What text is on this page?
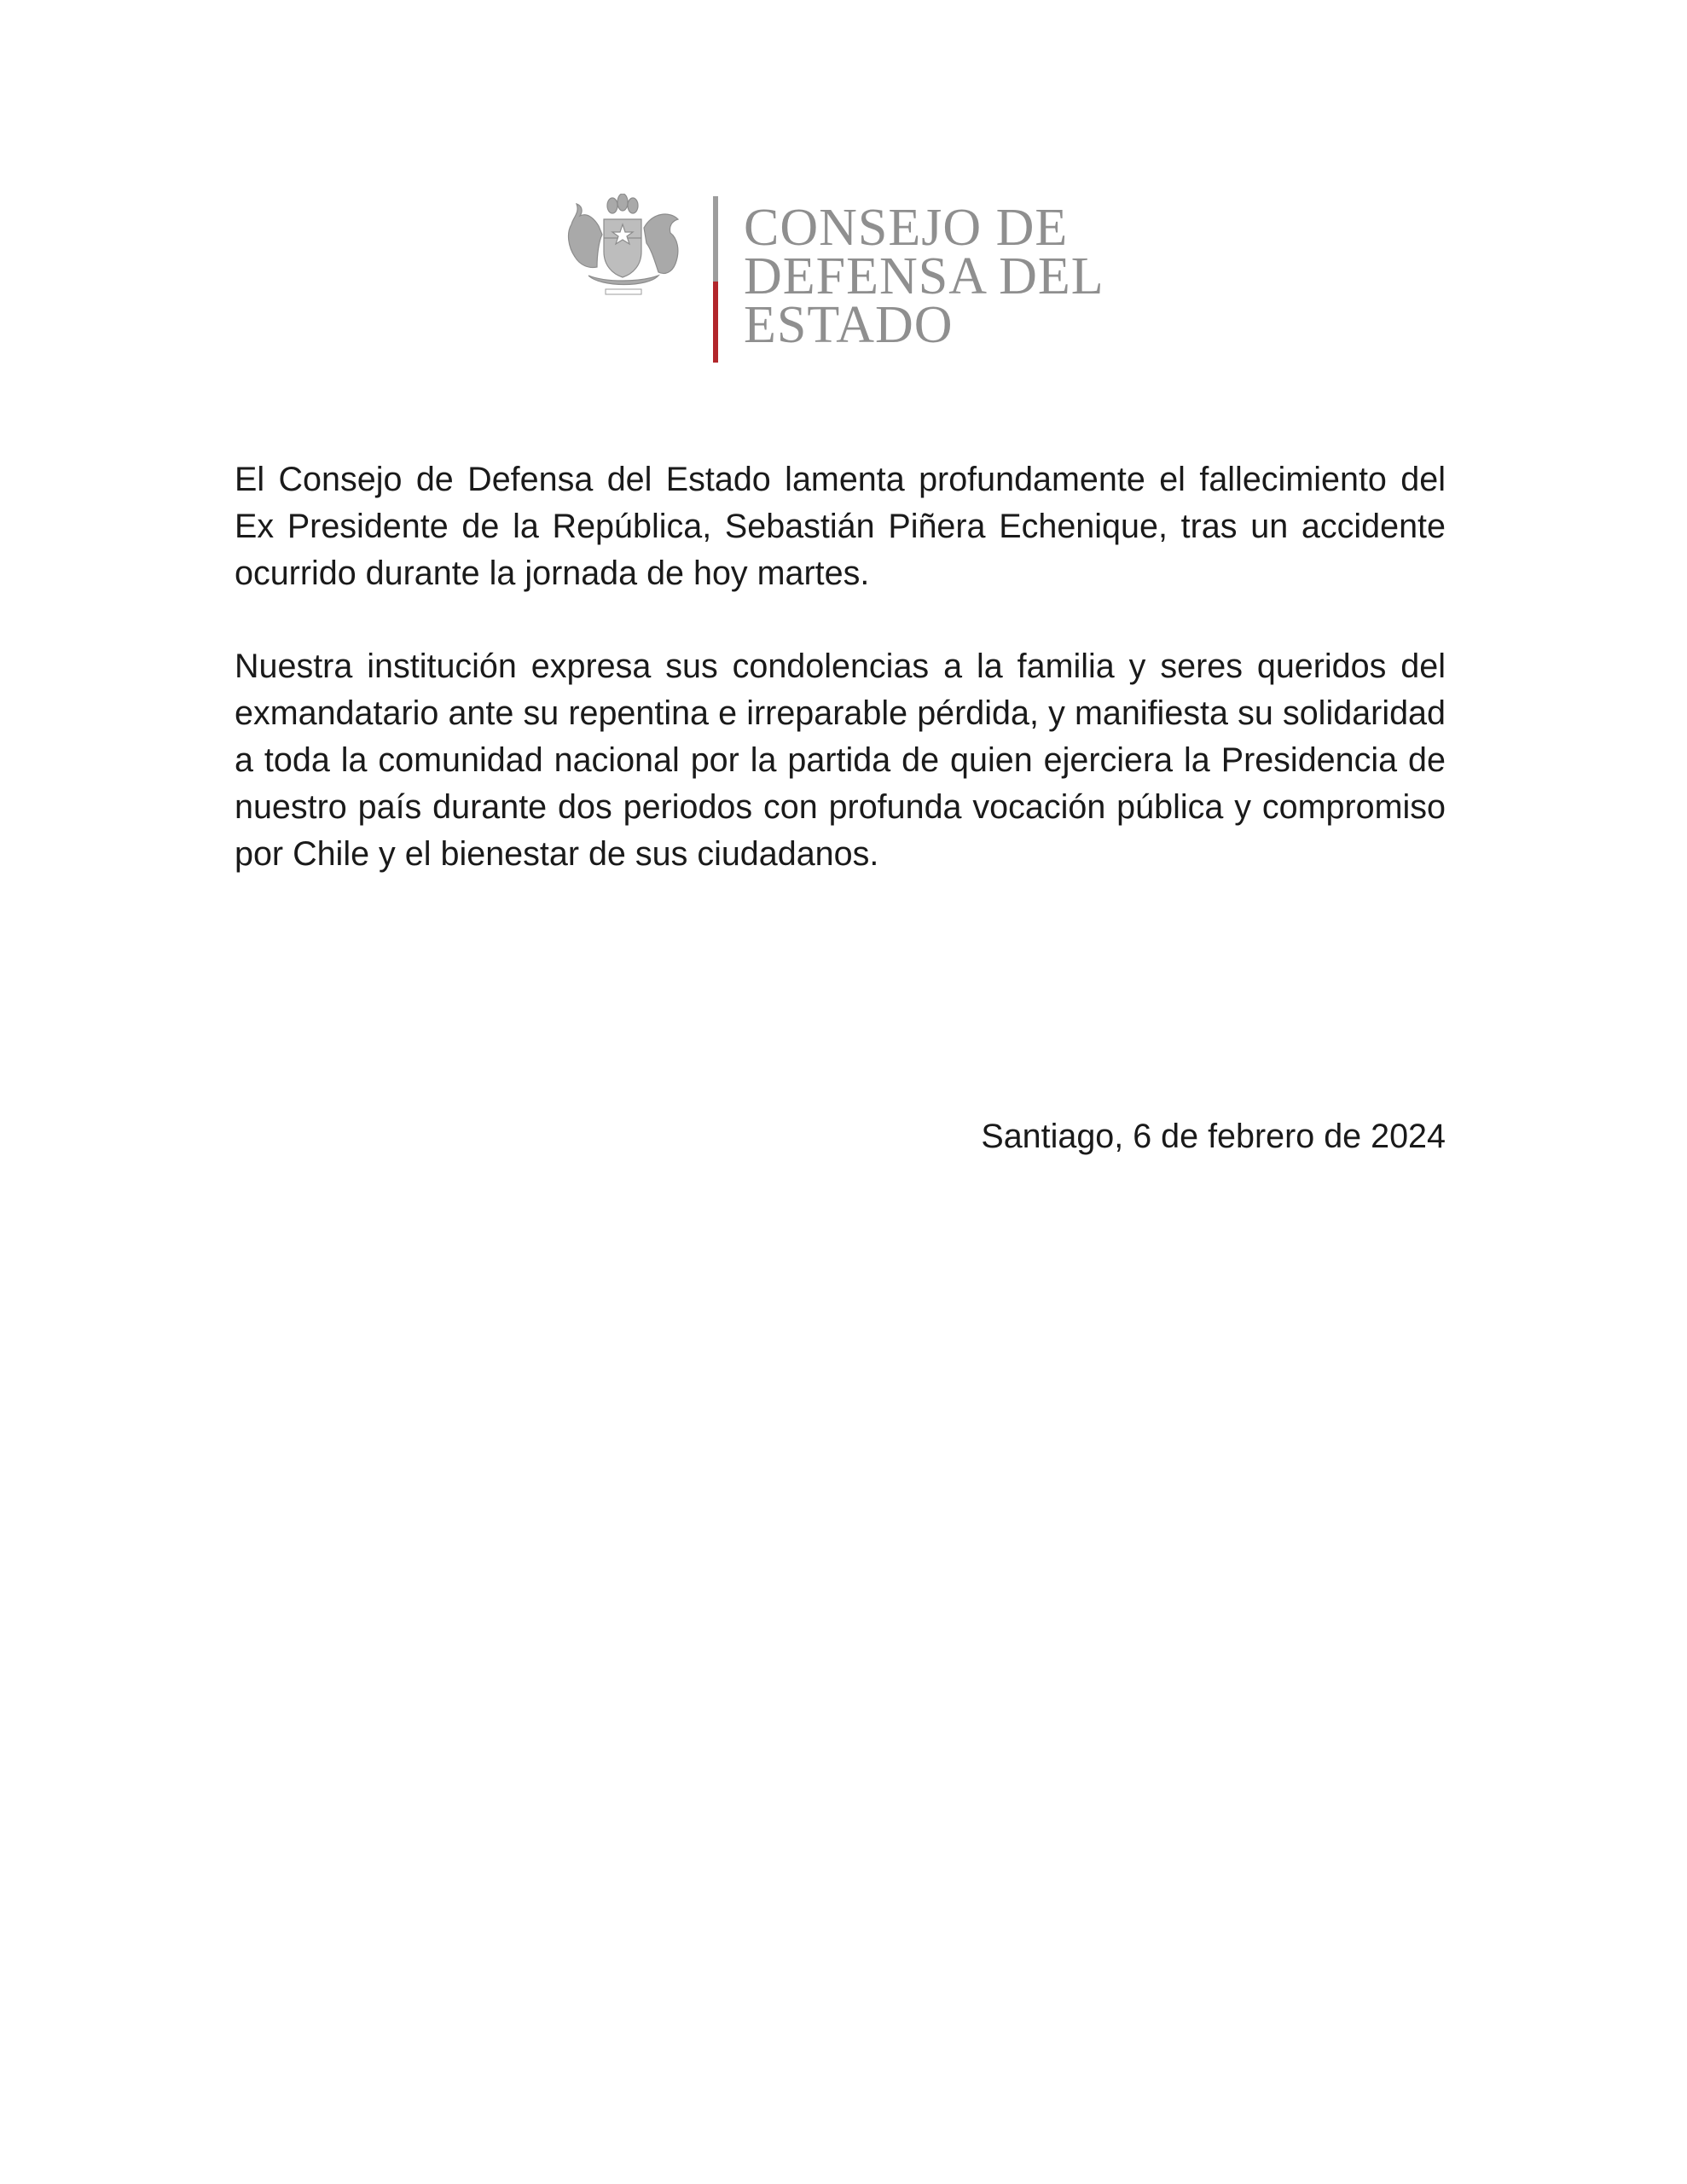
CONSEJO DE
DEFENSA DEL
ESTADO

El Consejo de Defensa del Estado lamenta profundamente el fallecimiento del Ex Presidente de la República, Sebastián Piñera Echenique, tras un accidente ocurrido durante la jornada de hoy martes.

Nuestra institución expresa sus condolencias a la familia y seres queridos del exmandatario ante su repentina e irreparable pérdida, y manifiesta su solidaridad a toda la comunidad nacional por la partida de quien ejerciera la Presidencia de nuestro país durante dos periodos con profunda vocación pública y compromiso por Chile y el bienestar de sus ciudadanos.

Santiago, 6 de febrero de 2024
